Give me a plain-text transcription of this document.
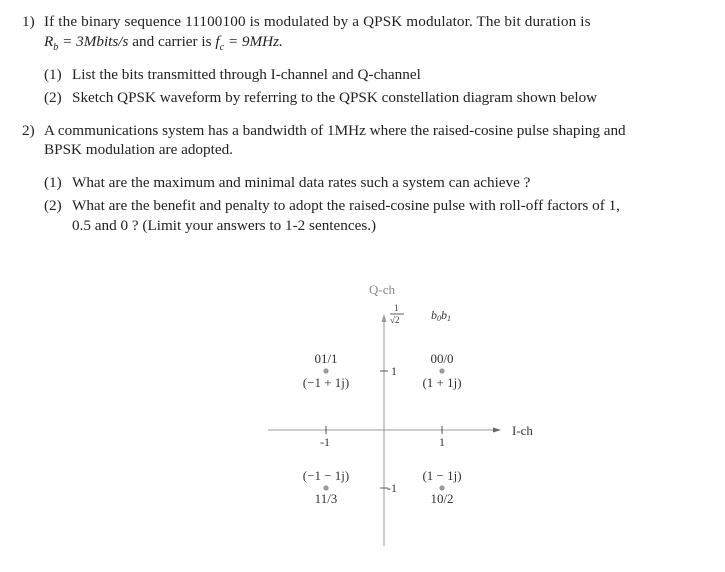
1) If the binary sequence 11100100 is modulated by a QPSK modulator. The bit duration is
$R_b$ = 3Mbits/s and carrier is $f_c = 9MHz$.
(1) List the bits transmitted through I-channel and Q-channel
(2) Sketch QPSK waveform by referring to the QPSK constellation diagram shown below
2) A communications system has a bandwidth of 1MHz where the raised-cosine pulse shaping and
BPSK modulation are adopted.
(1) What are the maximum and minimal data rates such a system can achieve ?
(2) What are the benefit and penalty to adopt the raised-cosine pulse with roll-off factors of 1,
0.5 and 0 ? (Limit your answers to 1-2 sentences.)
Q-ch
I-ch
1
√2	b0b1
1
-1
-1	1
01/1
(−1 + 1j)
00/0
(1 + 1j)
(−1 − 1j)
11/3
(1 − 1j)
10/2
